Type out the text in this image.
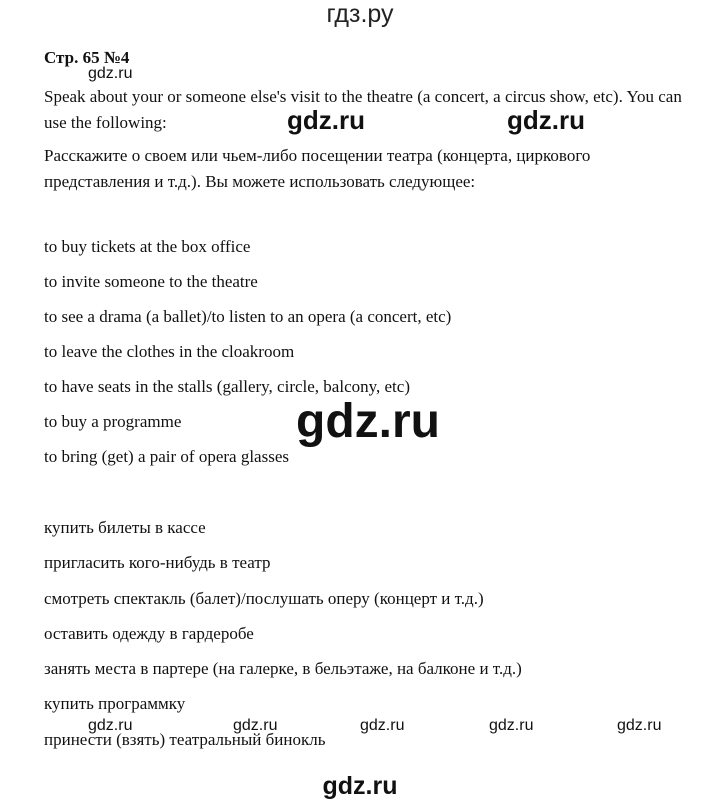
гдз.ру
Стр. 65 №4
gdz.ru
Speak about your or someone else's visit to the theatre (a concert, a circus show, etc). You can use the following:	gdz.ru	gdz.ru
Расскажите о своем или чьем-либо посещении театра (концерта, циркового представления и т.д.). Вы можете использовать следующее:
to buy tickets at the box office
to invite someone to the theatre
to see a drama (a ballet)/to listen to an opera (a concert, etc)
to leave the clothes in the cloakroom
to have seats in the stalls (gallery, circle, balcony, etc)
to buy a programme
to bring (get) a pair of opera glasses
gdz.ru
купить билеты в кассе
пригласить кого-нибудь в театр
смотреть спектакль (балет)/послушать оперу (концерт и т.д.)
оставить одежду в гардеробе
занять места в партере (на галерке, в бельэтаже, на балконе и т.д.)
купить программку
принести (взять) театральный бинокль
gdz.ru	gdz.ru	gdz.ru	gdz.ru	gdz.ru
gdz.ru
